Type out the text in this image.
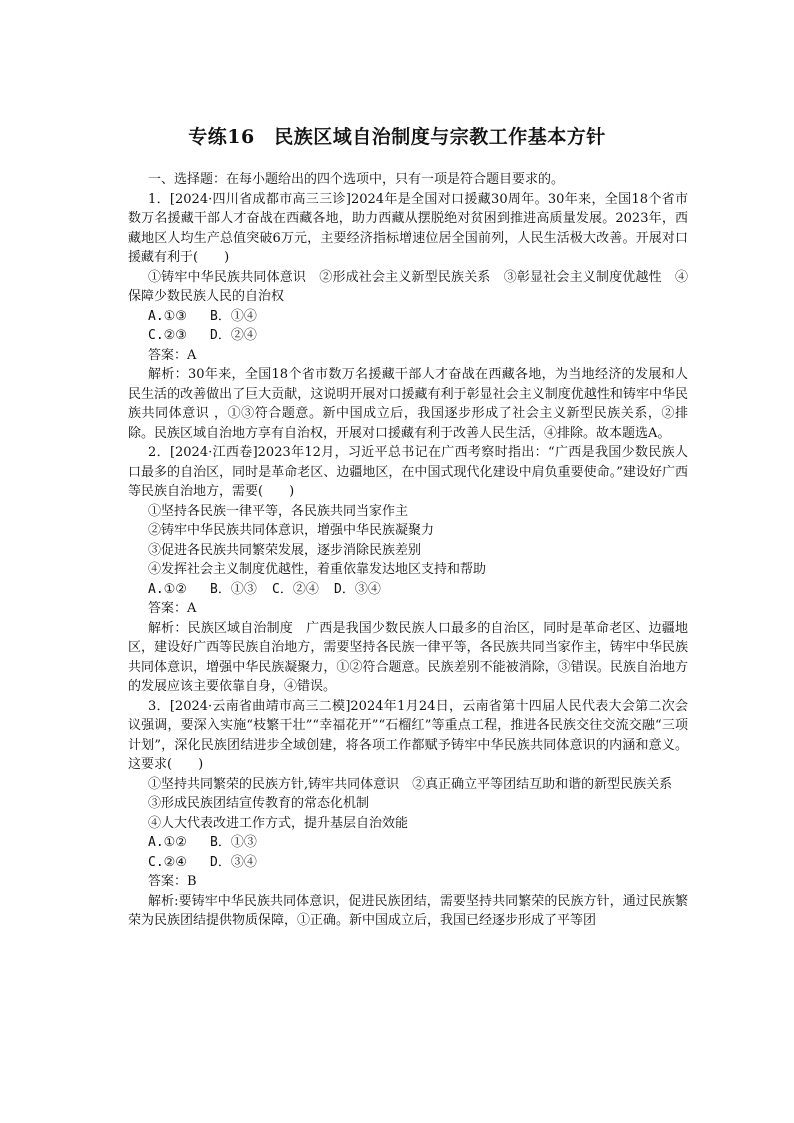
专练16　民族区域自治制度与宗教工作基本方针

一、选择题：在每小题给出的四个选项中，只有一项是符合题目要求的。

1．[2024·四川省成都市高三三诊]2024年是全国对口援藏30周年。30年来，全国18个省市数万名援藏干部人才奋战在西藏各地，助力西藏从摆脱绝对贫困到推进高质量发展。2023年，西藏地区人均生产总值突破6万元，主要经济指标增速位居全国前列，人民生活极大改善。开展对口援藏有利于(　　)

①铸牢中华民族共同体意识　②形成社会主义新型民族关系　③彰显社会主义制度优越性　④保障少数民族人民的自治权

A.①③	B．①④
C.②③	D．②④

答案：A

解析：30年来，全国18个省市数万名援藏干部人才奋战在西藏各地，为当地经济的发展和人民生活的改善做出了巨大贡献，这说明开展对口援藏有利于彰显社会主义制度优越性和铸牢中华民族共同体意识 ，①③符合题意。新中国成立后，我国逐步形成了社会主义新型民族关系，②排除。民族区域自治地方享有自治权，开展对口援藏有利于改善人民生活，④排除。故本题选A。

2．[2024·江西卷]2023年12月，习近平总书记在广西考察时指出：“广西是我国少数民族人口最多的自治区，同时是革命老区、边疆地区，在中国式现代化建设中肩负重要使命。”建设好广西等民族自治地方，需要(　　)

①坚持各民族一律平等，各民族共同当家作主

②铸牢中华民族共同体意识，增强中华民族凝聚力

③促进各民族共同繁荣发展，逐步消除民族差别

④发挥社会主义制度优越性，着重依靠发达地区支持和帮助

A.①②	B．①③	C．②④	D．③④

答案：A

解析：民族区域自治制度　广西是我国少数民族人口最多的自治区，同时是革命老区、边疆地区，建设好广西等民族自治地方，需要坚持各民族一律平等，各民族共同当家作主，铸牢中华民族共同体意识，增强中华民族凝聚力，①②符合题意。民族差别不能被消除，③错误。民族自治地方的发展应该主要依靠自身，④错误。

3．[2024·云南省曲靖市高三二模]2024年1月24日，云南省第十四届人民代表大会第二次会议强调，要深入实施“枝繁干壮”“幸福花开”“石榴红”等重点工程，推进各民族交往交流交融“三项计划”，深化民族团结进步全域创建，将各项工作都赋予铸牢中华民族共同体意识的内涵和意义。这要求(　　)

①坚持共同繁荣的民族方针,铸牢共同体意识　②真正确立平等团结互助和谐的新型民族关系

③形成民族团结宣传教育的常态化机制

④人大代表改进工作方式，提升基层自治效能

A.①②	B．①③
C.②④	D．③④

答案：B

解析:要铸牢中华民族共同体意识，促进民族团结，需要坚持共同繁荣的民族方针，通过民族繁荣为民族团结提供物质保障，①正确。新中国成立后，我国已经逐步形成了平等团
